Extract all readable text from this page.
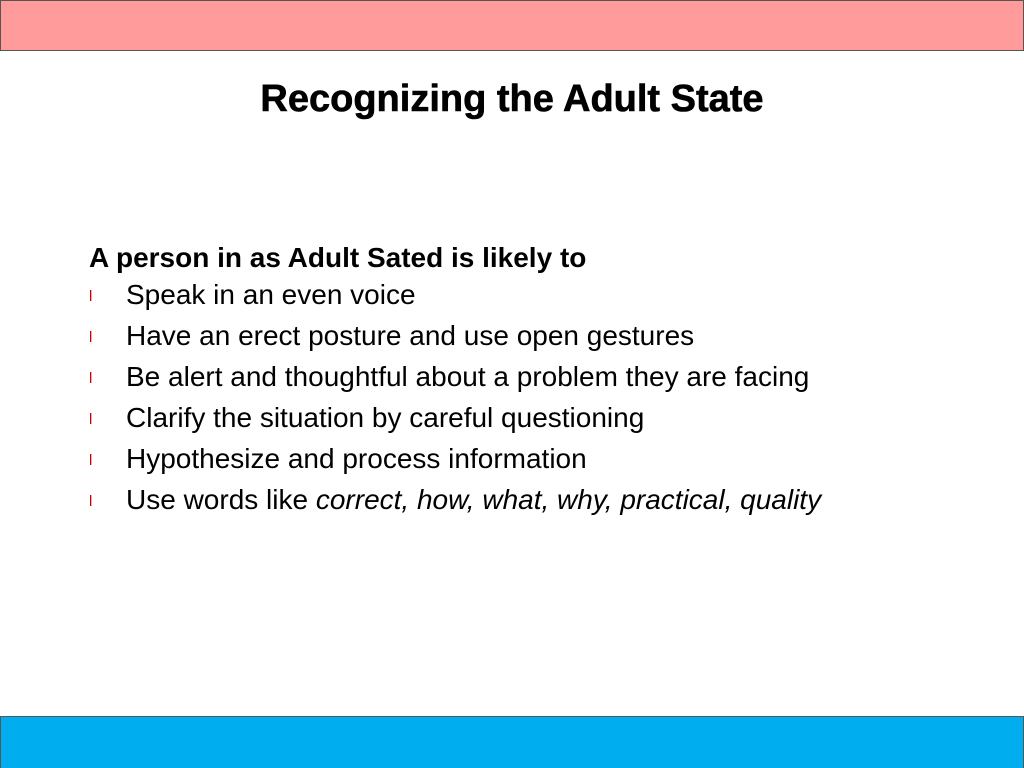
Recognizing the Adult State

A person in as Adult Sated is likely to

l Speak in an even voice
l Have an erect posture and use open gestures
l Be alert and thoughtful about a problem they are facing
l Clarify the situation by careful questioning
l Hypothesize and process information
l Use words like correct, how, what, why, practical, quality
